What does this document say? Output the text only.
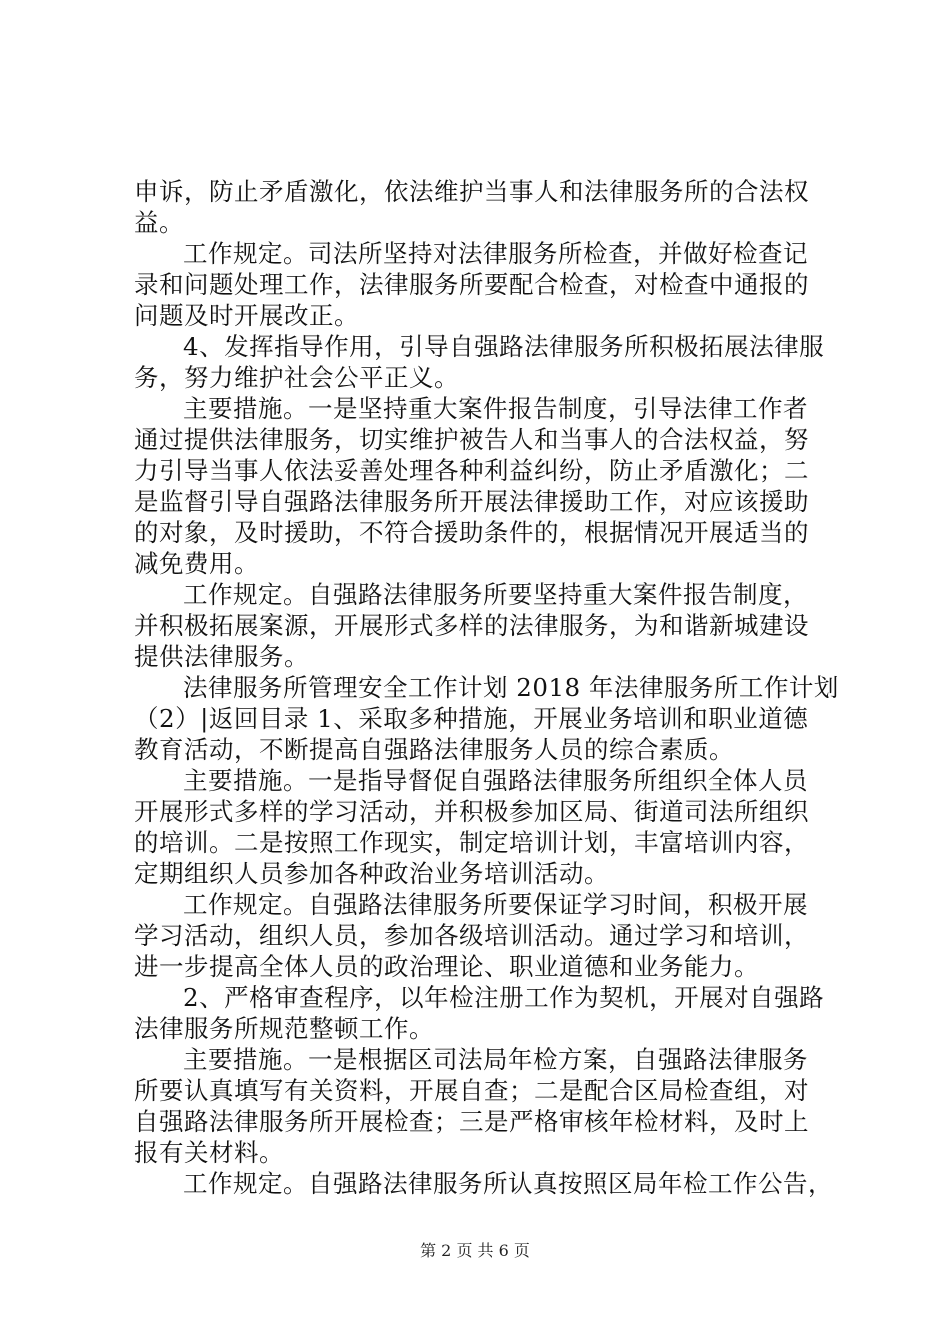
申诉，防止矛盾激化，依法维护当事人和法律服务所的合法权
益。
工作规定。司法所坚持对法律服务所检查，并做好检查记
录和问题处理工作，法律服务所要配合检查，对检查中通报的
问题及时开展改正。
4、发挥指导作用，引导自强路法律服务所积极拓展法律服
务，努力维护社会公平正义。
主要措施。一是坚持重大案件报告制度，引导法律工作者
通过提供法律服务，切实维护被告人和当事人的合法权益，努
力引导当事人依法妥善处理各种利益纠纷，防止矛盾激化；二
是监督引导自强路法律服务所开展法律援助工作，对应该援助
的对象，及时援助，不符合援助条件的，根据情况开展适当的
减免费用。
工作规定。自强路法律服务所要坚持重大案件报告制度，
并积极拓展案源，开展形式多样的法律服务，为和谐新城建设
提供法律服务。
法律服务所管理安全工作计划 2018 年法律服务所工作计划
（2）|返回目录 1、采取多种措施，开展业务培训和职业道德
教育活动，不断提高自强路法律服务人员的综合素质。
主要措施。一是指导督促自强路法律服务所组织全体人员
开展形式多样的学习活动，并积极参加区局、街道司法所组织
的培训。二是按照工作现实，制定培训计划，丰富培训内容，
定期组织人员参加各种政治业务培训活动。
工作规定。自强路法律服务所要保证学习时间，积极开展
学习活动，组织人员，参加各级培训活动。通过学习和培训，
进一步提高全体人员的政治理论、职业道德和业务能力。
2、严格审查程序，以年检注册工作为契机，开展对自强路
法律服务所规范整顿工作。
主要措施。一是根据区司法局年检方案，自强路法律服务
所要认真填写有关资料，开展自查；二是配合区局检查组，对
自强路法律服务所开展检查；三是严格审核年检材料，及时上
报有关材料。
工作规定。自强路法律服务所认真按照区局年检工作公告，
第 2 页 共 6 页
